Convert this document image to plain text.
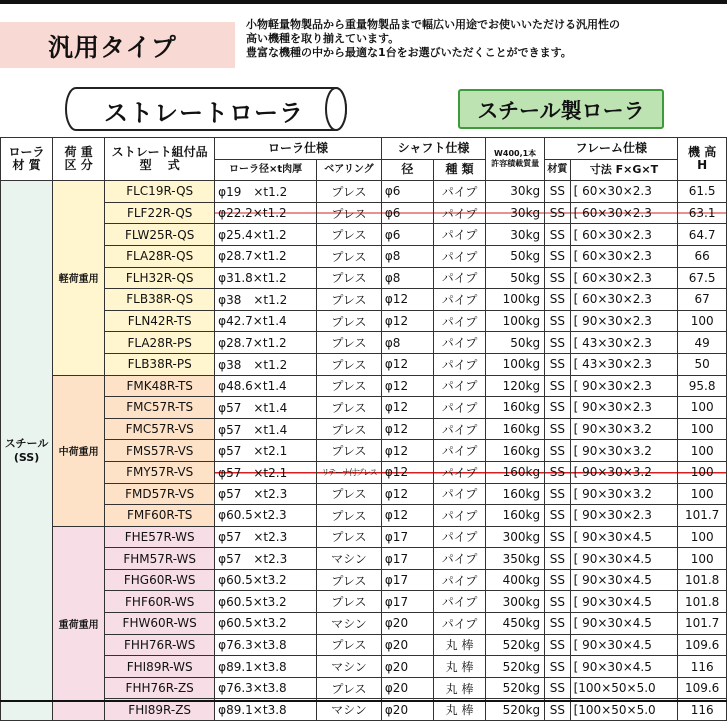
汎用タイプ
小物軽量物製品から重量物製品まで幅広い用途でお使いいただける汎用性の
高い機種を取り揃えています。
豊富な機種の中から最適な1台をお選びいただくことができます。
ストレートローラ	スチール製ローラ
ローラ
材 質	荷 重
区 分	ストレート組付品
型　 式	ローラ仕様		シャフト仕様		W400,1本
許容積載質量	フレーム仕様		機 高
H
			ローラ径×t肉厚	ベアリング	径	種 類		材質	寸法 F×G×T	
スチール
(SS)	軽荷重用	FLC19R-QS	φ19　×t1.2	プレス	φ6	パイプ	30kg	SS	[ 60×30×2.3	61.5
		FLF22R-QS	φ22.2×t1.2	プレス	φ6	パイプ	30kg	SS	[ 60×30×2.3	63.1
		FLW25R-QS	φ25.4×t1.2	プレス	φ6	パイプ	30kg	SS	[ 60×30×2.3	64.7
		FLA28R-QS	φ28.7×t1.2	プレス	φ8	パイプ	50kg	SS	[ 60×30×2.3	66
		FLH32R-QS	φ31.8×t1.2	プレス	φ8	パイプ	50kg	SS	[ 60×30×2.3	67.5
		FLB38R-QS	φ38　×t1.2	プレス	φ12	パイプ	100kg	SS	[ 60×30×2.3	67
		FLN42R-TS	φ42.7×t1.4	プレス	φ12	パイプ	100kg	SS	[ 90×30×2.3	100
		FLA28R-PS	φ28.7×t1.2	プレス	φ8	パイプ	50kg	SS	[ 43×30×2.3	49
		FLB38R-PS	φ38　×t1.2	プレス	φ12	パイプ	100kg	SS	[ 43×30×2.3	50
	中荷重用	FMK48R-TS	φ48.6×t1.4	プレス	φ12	パイプ	120kg	SS	[ 90×30×2.3	95.8
		FMC57R-TS	φ57　×t1.4	プレス	φ12	パイプ	160kg	SS	[ 90×30×2.3	100
		FMC57R-VS	φ57　×t1.4	プレス	φ12	パイプ	160kg	SS	[ 90×30×3.2	100
		FMS57R-VS	φ57　×t2.1	プレス	φ12	パイプ	160kg	SS	[ 90×30×3.2	100
		FMY57R-VS	φ57　×t2.1	リテーナ付プレス	φ12	パイプ	160kg	SS	[ 90×30×3.2	100
		FMD57R-VS	φ57　×t2.3	プレス	φ12	パイプ	160kg	SS	[ 90×30×3.2	100
		FMF60R-TS	φ60.5×t2.3	プレス	φ12	パイプ	160kg	SS	[ 90×30×2.3	101.7
	重荷重用	FHE57R-WS	φ57　×t2.3	プレス	φ17	パイプ	300kg	SS	[ 90×30×4.5	100
		FHM57R-WS	φ57　×t2.3	マシン	φ17	パイプ	350kg	SS	[ 90×30×4.5	100
		FHG60R-WS	φ60.5×t3.2	プレス	φ17	パイプ	400kg	SS	[ 90×30×4.5	101.8
		FHF60R-WS	φ60.5×t3.2	プレス	φ17	パイプ	300kg	SS	[ 90×30×4.5	101.8
		FHW60R-WS	φ60.5×t3.2	マシン	φ20	パイプ	450kg	SS	[ 90×30×4.5	101.7
		FHH76R-WS	φ76.3×t3.8	プレス	φ20	丸 棒	520kg	SS	[ 90×30×4.5	109.6
		FHI89R-WS	φ89.1×t3.8	マシン	φ20	丸 棒	520kg	SS	[ 90×30×4.5	116
		FHH76R-ZS	φ76.3×t3.8	プレス	φ20	丸 棒	520kg	SS	[100×50×5.0	109.6
		FHI89R-ZS	φ89.1×t3.8	マシン	φ20	丸 棒	520kg	SS	[100×50×5.0	116
